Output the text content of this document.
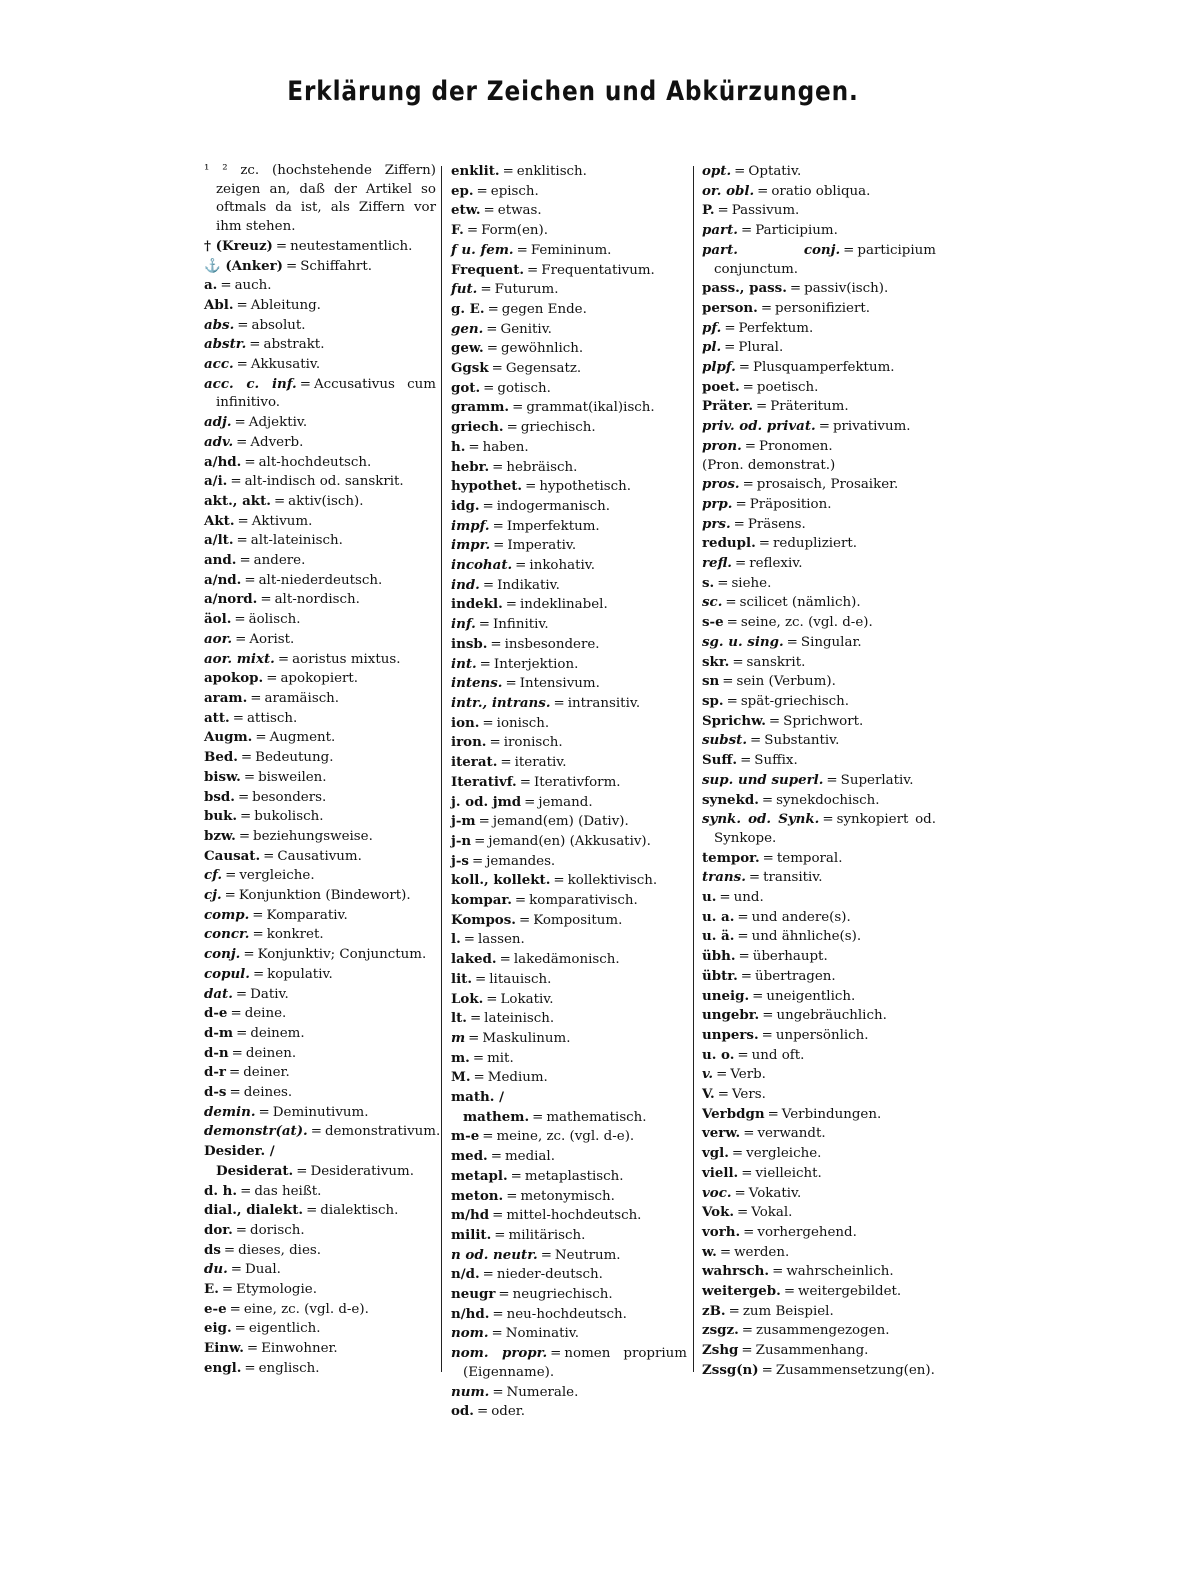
Erklärung der Zeichen und Abkürzungen.
¹ ² zc. (hochstehende Ziffern) zeigen an, daß der Artikel so oftmals da ist, als Ziffern vor ihm stehen.
† (Kreuz) = neutestamentlich.
⚓ (Anker) = Schiffahrt.
a. = auch.
Abl. = Ableitung.
abs. = absolut.
abstr. = abstrakt.
acc. = Akkusativ.
acc. c. inf. = Accusativus cum infinitivo.
adj. = Adjektiv.
adv. = Adverb.
a/hd. = alt-hochdeutsch.
a/i. = alt-indisch od. sanskrit.
akt., akt. = aktiv(isch).
Akt. = Aktivum.
a/lt. = alt-lateinisch.
and. = andere.
a/nd. = alt-niederdeutsch.
a/nord. = alt-nordisch.
äol. = äolisch.
aor. = Aorist.
aor. mixt. = aoristus mixtus.
apokop. = apokopiert.
aram. = aramäisch.
att. = attisch.
Augm. = Augment.
Bed. = Bedeutung.
bisw. = bisweilen.
bsd. = besonders.
buk. = bukolisch.
bzw. = beziehungsweise.
Causat. = Causativum.
cf. = vergleiche.
cj. = Konjunktion (Bindewort).
comp. = Komparativ.
concr. = konkret.
conj. = Konjunktiv; Conjunctum.
copul. = kopulativ.
dat. = Dativ.
d-e = deine.
d-m = deinem.
d-n = deinen.
d-r = deiner.
d-s = deines.
demin. = Deminutivum.
demonstr(at). = demonstrativum.
Desider. / Desiderat. = Desiderativum.
d. h. = das heißt.
dial., dialekt. = dialektisch.
dor. = dorisch.
ds = dieses, dies.
du. = Dual.
E. = Etymologie.
e-e = eine, zc. (vgl. d-e).
eig. = eigentlich.
Einw. = Einwohner.
engl. = englisch.
enklit. = enklitisch.
ep. = episch.
etw. = etwas.
F. = Form(en).
f u. fem. = Femininum.
Frequent. = Frequentativum.
fut. = Futurum.
g. E. = gegen Ende.
gen. = Genitiv.
gew. = gewöhnlich.
Ggsk = Gegensatz.
got. = gotisch.
gramm. = grammat(ikal)isch.
griech. = griechisch.
h. = haben.
hebr. = hebräisch.
hypothet. = hypothetisch.
idg. = indogermanisch.
impf. = Imperfektum.
impr. = Imperativ.
incohat. = inkohativ.
ind. = Indikativ.
indekl. = indeklinabel.
inf. = Infinitiv.
insb. = insbesondere.
int. = Interjektion.
intens. = Intensivum.
intr., intrans. = intransitiv.
ion. = ionisch.
iron. = ironisch.
iterat. = iterativ.
Iterativf. = Iterativform.
j. od. jmd = jemand.
j-m = jemand(em) (Dativ).
j-n = jemand(en) (Akkusativ).
j-s = jemandes.
koll., kollekt. = kollektivisch.
kompar. = komparativisch.
Kompos. = Kompositum.
l. = lassen.
laked. = lakedämonisch.
lit. = litauisch.
Lok. = Lokativ.
lt. = lateinisch.
m = Maskulinum.
m. = mit.
M. = Medium.
math. / mathem. = mathematisch.
m-e = meine, zc. (vgl. d-e).
med. = medial.
metapl. = metaplastisch.
meton. = metonymisch.
m/hd = mittel-hochdeutsch.
milit. = militärisch.
n od. neutr. = Neutrum.
n/d. = nieder-deutsch.
neugr = neugriechisch.
n/hd. = neu-hochdeutsch.
nom. = Nominativ.
nom. propr. = nomen proprium (Eigenname).
num. = Numerale.
od. = oder.
opt. = Optativ.
or. obl. = oratio obliqua.
P. = Passivum.
part. = Participium.
part. conj. = participium conjunctum.
pass., pass. = passiv(isch).
person. = personifiziert.
pf. = Perfektum.
pl. = Plural.
plpf. = Plusquamperfektum.
poet. = poetisch.
Präter. = Präteritum.
priv. od. privat. = privativum.
pron. = Pronomen.
(Pron. demonstrat.)
pros. = prosaisch, Prosaiker.
prp. = Präposition.
prs. = Präsens.
redupl. = redupliziert.
refl. = reflexiv.
s. = siehe.
sc. = scilicet (nämlich).
s-e = seine, zc. (vgl. d-e).
sg. u. sing. = Singular.
skr. = sanskrit.
sn = sein (Verbum).
sp. = spät-griechisch.
Sprichw. = Sprichwort.
subst. = Substantiv.
Suff. = Suffix.
sup. und superl. = Superlativ.
synekd. = synekdochisch.
synk. od. Synk. = synkopiert od. Synkope.
tempor. = temporal.
trans. = transitiv.
u. = und.
u. a. = und andere(s).
u. ä. = und ähnliche(s).
übh. = überhaupt.
übtr. = übertragen.
uneig. = uneigentlich.
ungebr. = ungebräuchlich.
unpers. = unpersönlich.
u. o. = und oft.
v. = Verb.
V. = Vers.
Verbdgn = Verbindungen.
verw. = verwandt.
vgl. = vergleiche.
viell. = vielleicht.
voc. = Vokativ.
Vok. = Vokal.
vorh. = vorhergehend.
w. = werden.
wahrsch. = wahrscheinlich.
weitergeb. = weitergebildet.
zB. = zum Beispiel.
zsgz. = zusammengezogen.
Zshg = Zusammenhang.
Zssg(n) = Zusammensetzung(en).
